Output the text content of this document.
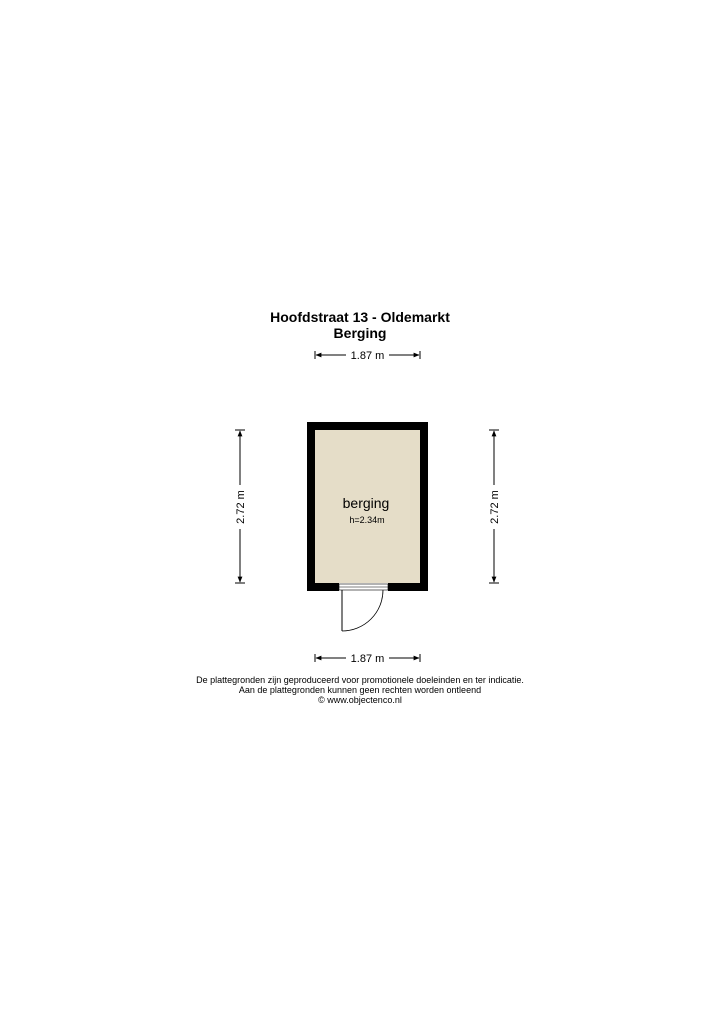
Hoofdstraat 13 - Oldemarkt
Berging
1.87 m
2.72 m	2.72 m
berging
h=2.34m
1.87 m
De plattegronden zijn geproduceerd voor promotionele doeleinden en ter indicatie.
Aan de plattegronden kunnen geen rechten worden ontleend
© www.objectenco.nl
